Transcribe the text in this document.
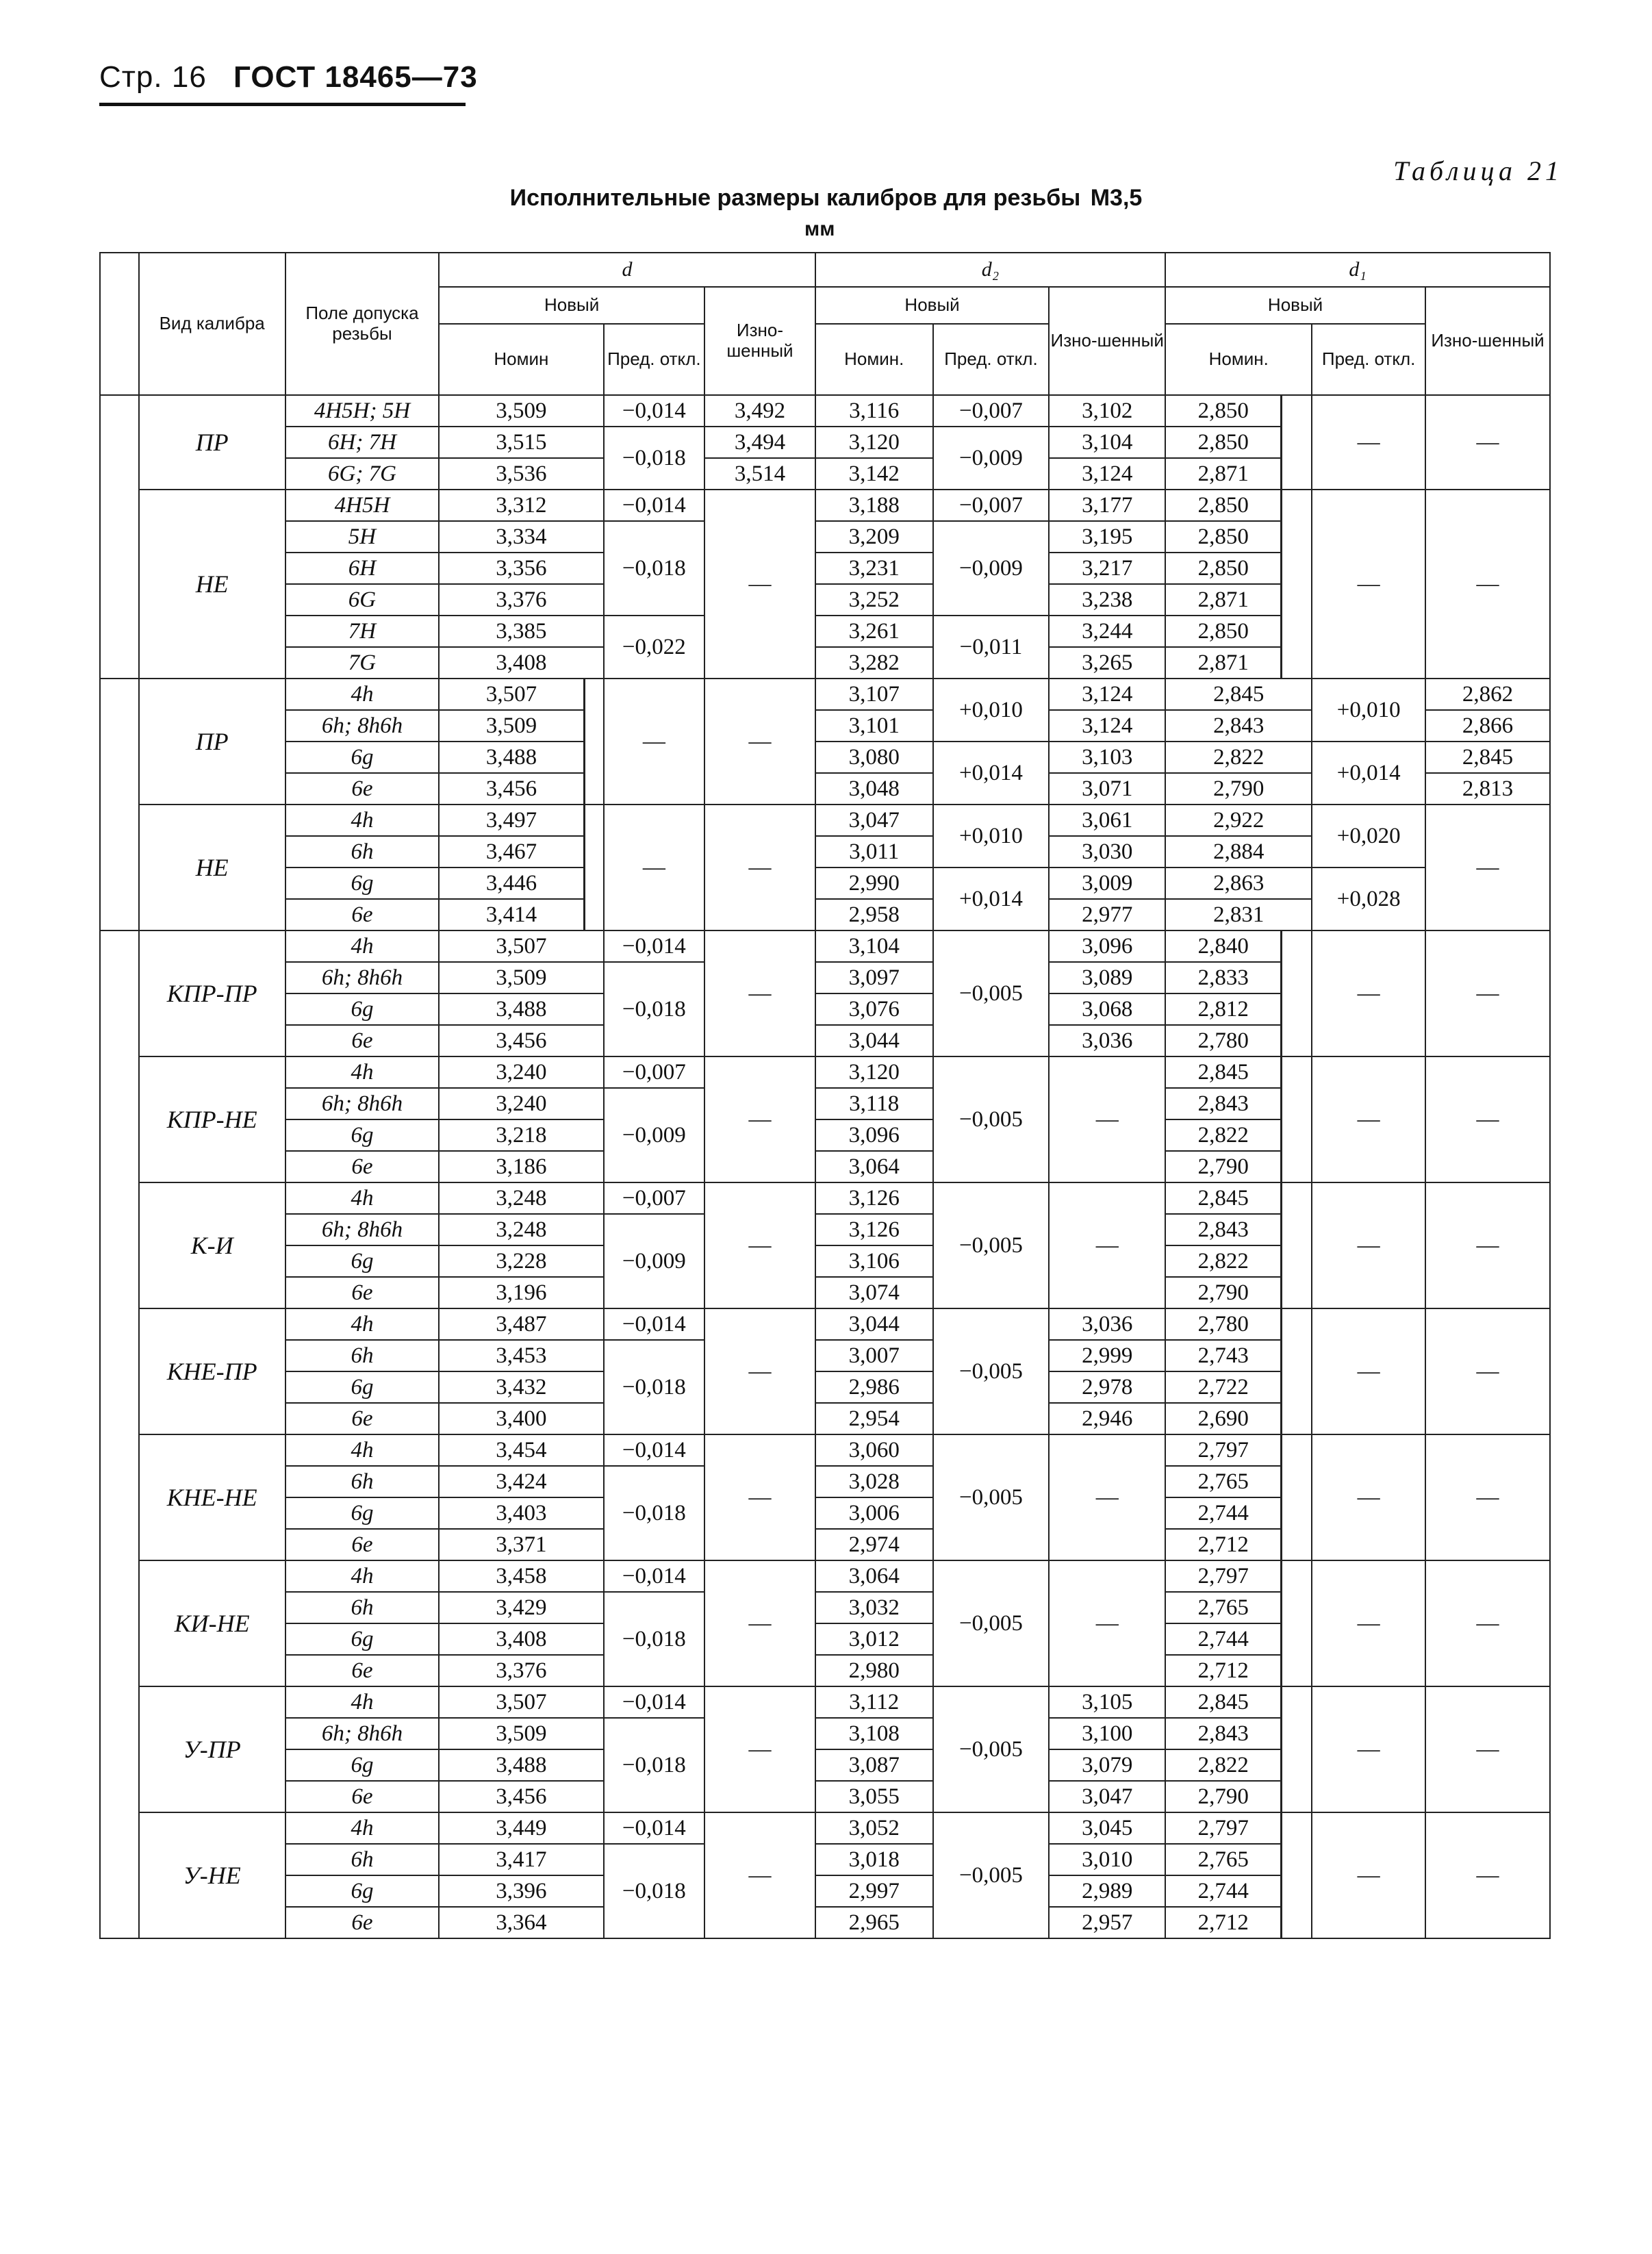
Стр. 16 ГОСТ 18465—73
Таблица 21
Исполнительные размеры калибров для резьбы М3,5
мм
	Вид калибра	Поле допуска резьбы	d				d₂			d₁			
			Новый			Изно-шенный	Новый		Изно-шенный	Новый			Изно-шенный
			Номин		Пред. откл.		Номин.	Пред. откл.		Номин.		Пред. откл.	
	ПР	4H5H; 5H	3,509		−0,014	3,492	3,116	−0,007	3,102	2,850		—	—
		6H; 7H	3,515		−0,018	3,494	3,120	−0,009	3,104	2,850			
		6G; 7G	3,536			3,514	3,142		3,124	2,871			
	НЕ	4H5H	3,312		−0,014	—	3,188	−0,007	3,177	2,850		—	—
		5H	3,334		−0,018		3,209	−0,009	3,195	2,850			
		6H	3,356				3,231		3,217	2,850			
		6G	3,376				3,252		3,238	2,871			
		7H	3,385		−0,022		3,261	−0,011	3,244	2,850			
		7G	3,408				3,282		3,265	2,871			
	ПР	4h	3,507		—	—	3,107	+0,010	3,124	2,845		+0,010	2,862
		6h; 8h6h	3,509				3,101		3,124	2,843			2,866
		6g	3,488				3,080	+0,014	3,103	2,822		+0,014	2,845
		6e	3,456				3,048		3,071	2,790			2,813
	НЕ	4h	3,497		—	—	3,047	+0,010	3,061	2,922		+0,020	—
		6h	3,467				3,011		3,030	2,884			
		6g	3,446				2,990	+0,014	3,009	2,863		+0,028	
		6e	3,414				2,958		2,977	2,831			
	КПР-ПР	4h	3,507		−0,014	—	3,104	−0,005	3,096	2,840		—	—
		6h; 8h6h	3,509		−0,018		3,097		3,089	2,833			
		6g	3,488				3,076		3,068	2,812			
		6e	3,456				3,044		3,036	2,780			
	КПР-НЕ	4h	3,240		−0,007	—	3,120	−0,005	—	2,845		—	—
		6h; 8h6h	3,240		−0,009		3,118			2,843			
		6g	3,218				3,096			2,822			
		6e	3,186				3,064			2,790			
	К-И	4h	3,248		−0,007	—	3,126	−0,005	—	2,845		—	—
		6h; 8h6h	3,248		−0,009		3,126			2,843			
		6g	3,228				3,106			2,822			
		6e	3,196				3,074			2,790			
	КНЕ-ПР	4h	3,487		−0,014	—	3,044	−0,005	3,036	2,780		—	—
		6h	3,453		−0,018		3,007		2,999	2,743			
		6g	3,432				2,986		2,978	2,722			
		6e	3,400				2,954		2,946	2,690			
	КНЕ-НЕ	4h	3,454		−0,014	—	3,060	−0,005	—	2,797		—	—
		6h	3,424		−0,018		3,028			2,765			
		6g	3,403				3,006			2,744			
		6e	3,371				2,974			2,712			
	КИ-НЕ	4h	3,458		−0,014	—	3,064	−0,005	—	2,797		—	—
		6h	3,429		−0,018		3,032			2,765			
		6g	3,408				3,012			2,744			
		6e	3,376				2,980			2,712			
	У-ПР	4h	3,507		−0,014	—	3,112	−0,005	3,105	2,845		—	—
		6h; 8h6h	3,509		−0,018		3,108		3,100	2,843			
		6g	3,488				3,087		3,079	2,822			
		6e	3,456				3,055		3,047	2,790			
	У-НЕ	4h	3,449		−0,014	—	3,052	−0,005	3,045	2,797		—	—
		6h	3,417		−0,018		3,018		3,010	2,765			
		6g	3,396				2,997		2,989	2,744			
		6e	3,364				2,965		2,957	2,712			
